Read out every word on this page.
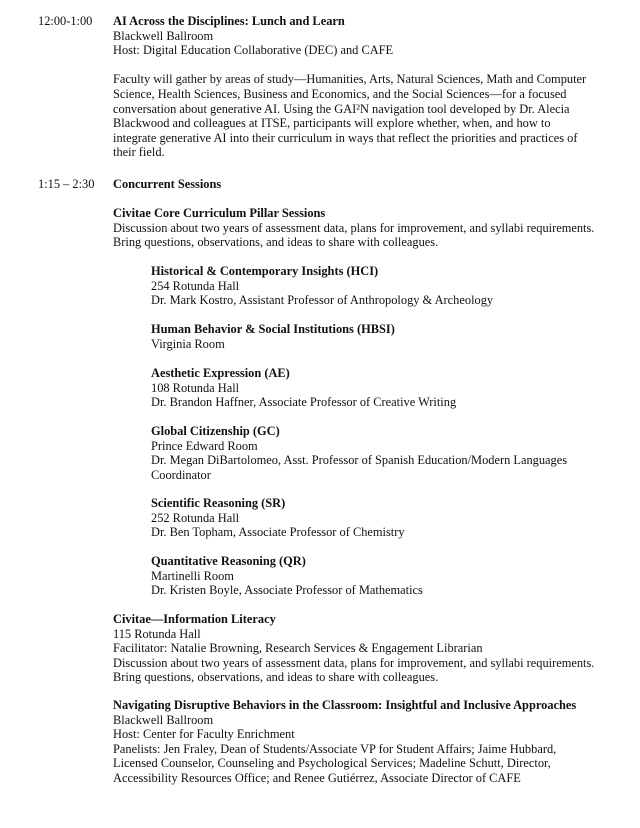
12:00-1:00 AI Across the Disciplines: Lunch and Learn
Blackwell Ballroom
Host: Digital Education Collaborative (DEC) and CAFE
Faculty will gather by areas of study—Humanities, Arts, Natural Sciences, Math and Computer
Science, Health Sciences, Business and Economics, and the Social Sciences—for a focused
conversation about generative AI. Using the GAI²N navigation tool developed by Dr. Alecia
Blackwood and colleagues at ITSE, participants will explore whether, when, and how to
integrate generative AI into their curriculum in ways that reflect the priorities and practices of
their field.
1:15 – 2:30 Concurrent Sessions
Civitae Core Curriculum Pillar Sessions
Discussion about two years of assessment data, plans for improvement, and syllabi requirements.
Bring questions, observations, and ideas to share with colleagues.
Historical & Contemporary Insights (HCI)
254 Rotunda Hall
Dr. Mark Kostro, Assistant Professor of Anthropology & Archeology
Human Behavior & Social Institutions (HBSI)
Virginia Room
Aesthetic Expression (AE)
108 Rotunda Hall
Dr. Brandon Haffner, Associate Professor of Creative Writing
Global Citizenship (GC)
Prince Edward Room
Dr. Megan DiBartolomeo, Asst. Professor of Spanish Education/Modern Languages
Coordinator
Scientific Reasoning (SR)
252 Rotunda Hall
Dr. Ben Topham, Associate Professor of Chemistry
Quantitative Reasoning (QR)
Martinelli Room
Dr. Kristen Boyle, Associate Professor of Mathematics
Civitae—Information Literacy
115 Rotunda Hall
Facilitator: Natalie Browning, Research Services & Engagement Librarian
Discussion about two years of assessment data, plans for improvement, and syllabi requirements.
Bring questions, observations, and ideas to share with colleagues.
Navigating Disruptive Behaviors in the Classroom: Insightful and Inclusive Approaches
Blackwell Ballroom
Host: Center for Faculty Enrichment
Panelists: Jen Fraley, Dean of Students/Associate VP for Student Affairs; Jaime Hubbard,
Licensed Counselor, Counseling and Psychological Services; Madeline Schutt, Director,
Accessibility Resources Office; and Renee Gutiérrez, Associate Director of CAFE
